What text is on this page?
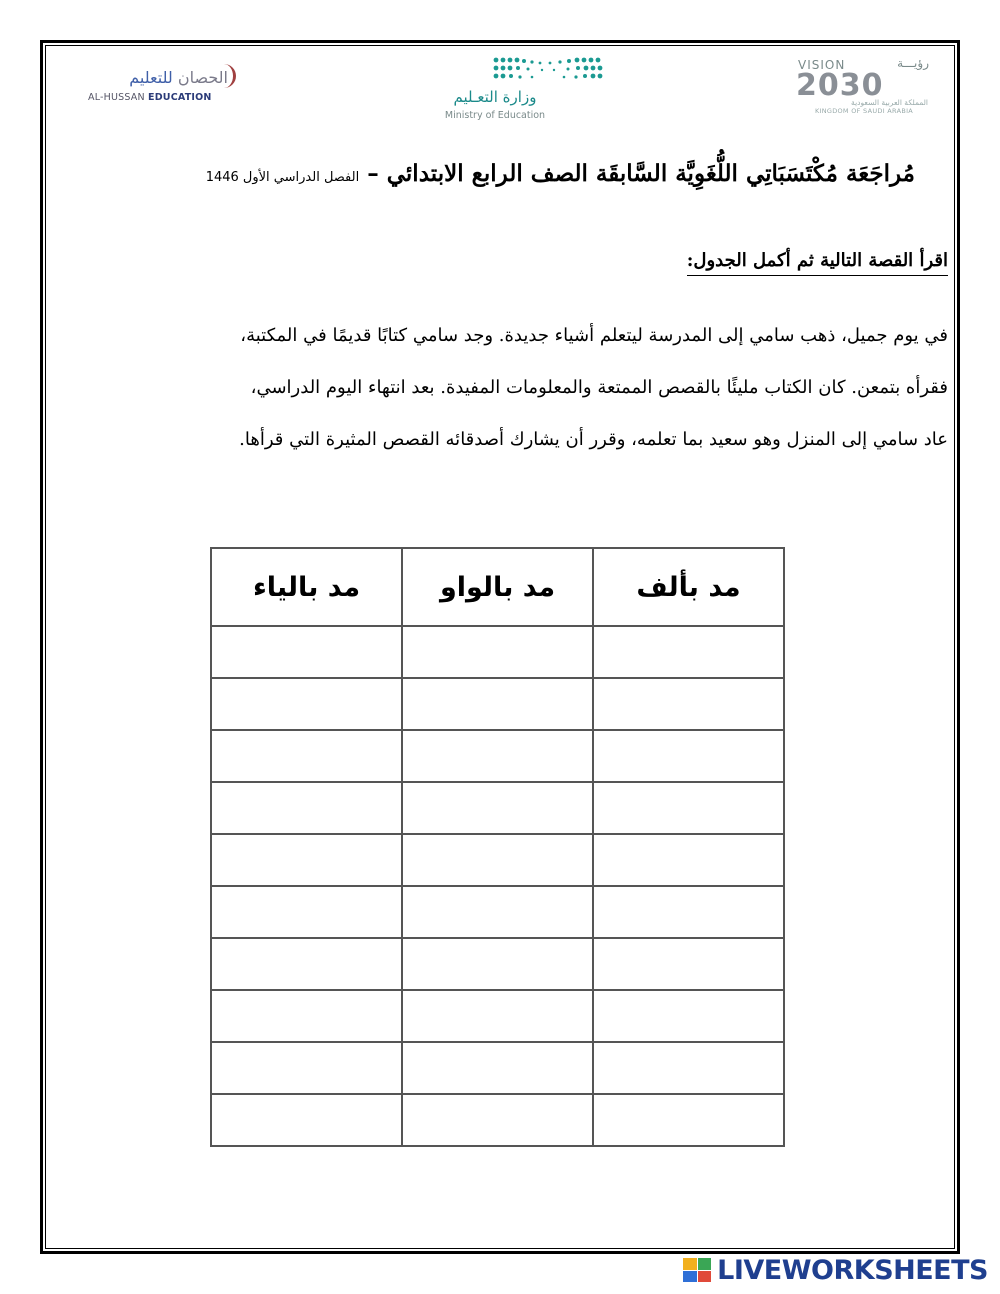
الحصان للتعليم
AL-HUSSAN EDUCATION	وزارة التعـليم
Ministry of Education
VISION	رؤيـــة
2030
المملكة العربية السعودية
KINGDOM OF SAUDI ARABIA
مُراجَعَة مُكْتَسَبَاتِي اللُّغَوِيَّة السَّابقَة الصف الرابع الابتدائي – الفصل الدراسي الأول 1446
اقرأ القصة التالية ثم أكمل الجدول:

في يوم جميل، ذهب سامي إلى المدرسة ليتعلم أشياء جديدة. وجد سامي كتابًا قديمًا في المكتبة،

فقرأه بتمعن. كان الكتاب مليئًا بالقصص الممتعة والمعلومات المفيدة. بعد انتهاء اليوم الدراسي،

عاد سامي إلى المنزل وهو سعيد بما تعلمه، وقرر أن يشارك أصدقائه القصص المثيرة التي قرأها.

مد بألف	مد بالواو	مد بالياء

LIVEWORKSHEETS
